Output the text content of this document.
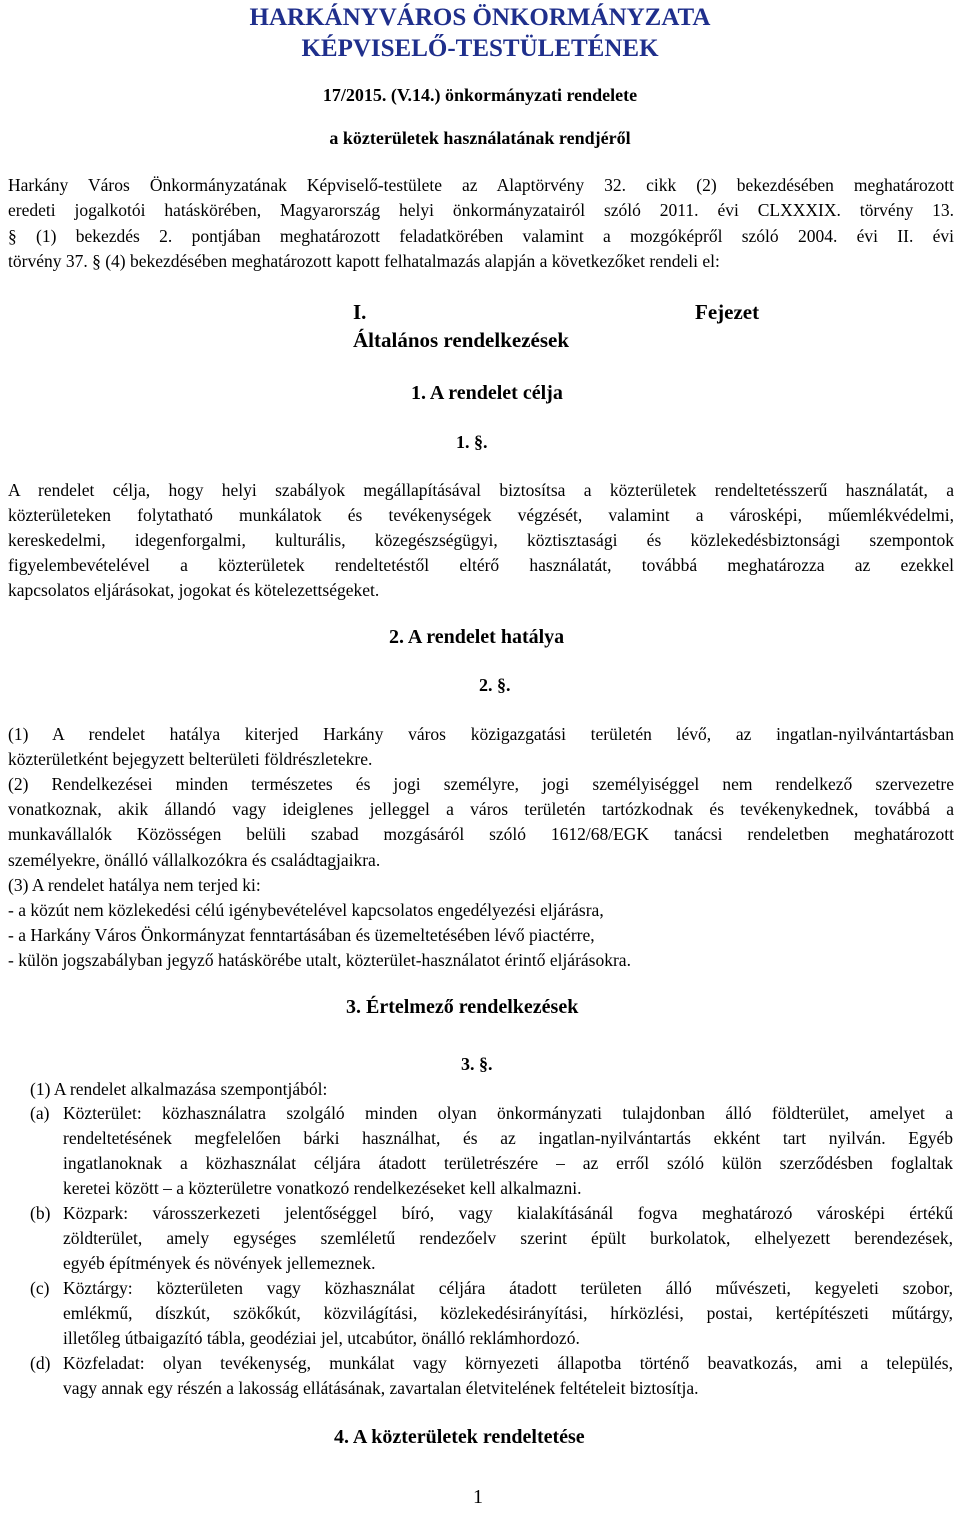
HARKÁNYVÁROS ÖNKORMÁNYZATA
KÉPVISELŐ-TESTÜLETÉNEK
17/2015. (V.14.) önkormányzati rendelete
a közterületek használatának rendjéről
Harkány Város Önkormányzatának Képviselő-testülete az Alaptörvény 32. cikk (2) bekezdésében meghatározott
eredeti jogalkotói hatáskörében, Magyarország helyi önkormányzatairól szóló 2011. évi CLXXXIX. törvény 13.
§ (1) bekezdés 2. pontjában meghatározott feladatkörében valamint a mozgóképről szóló 2004. évi II. évi
törvény 37. § (4) bekezdésében meghatározott kapott felhatalmazás alapján a következőket rendeli el:
I.	Fejezet
Általános rendelkezések
1. A rendelet célja
1. §.
A rendelet célja, hogy helyi szabályok megállapításával biztosítsa a közterületek rendeltetésszerű használatát, a
közterületeken folytatható munkálatok és tevékenységek végzését, valamint a városképi, műemlékvédelmi,
kereskedelmi, idegenforgalmi, kulturális, közegészségügyi, köztisztasági és közlekedésbiztonsági szempontok
figyelembevételével a közterületek rendeltetéstől eltérő használatát, továbbá meghatározza az ezekkel
kapcsolatos eljárásokat, jogokat és kötelezettségeket.
2. A rendelet hatálya
2. §.
(1) A rendelet hatálya kiterjed Harkány város közigazgatási területén lévő, az ingatlan-nyilvántartásban
közterületként bejegyzett belterületi földrészletekre.
(2) Rendelkezései minden természetes és jogi személyre, jogi személyiséggel nem rendelkező szervezetre
vonatkoznak, akik állandó vagy ideiglenes jelleggel a város területén tartózkodnak és tevékenykednek, továbbá a
munkavállalók Közösségen belüli szabad mozgásáról szóló 1612/68/EGK tanácsi rendeletben meghatározott
személyekre, önálló vállalkozókra és családtagjaikra.
(3) A rendelet hatálya nem terjed ki:
- a közút nem közlekedési célú igénybevételével kapcsolatos engedélyezési eljárásra,
- a Harkány Város Önkormányzat fenntartásában és üzemeltetésében lévő piactérre,
- külön jogszabályban jegyző hatáskörébe utalt, közterület-használatot érintő eljárásokra.
3. Értelmező rendelkezések
3. §.
(1) A rendelet alkalmazása szempontjából:
(a) Közterület: közhasználatra szolgáló minden olyan önkormányzati tulajdonban álló földterület, amelyet a
rendeltetésének megfelelően bárki használhat, és az ingatlan-nyilvántartás ekként tart nyilván. Egyéb
ingatlanoknak a közhasználat céljára átadott területrészére – az erről szóló külön szerződésben foglaltak
keretei között – a közterületre vonatkozó rendelkezéseket kell alkalmazni.
(b) Közpark: városszerkezeti jelentőséggel bíró, vagy kialakításánál fogva meghatározó városképi értékű
zöldterület, amely egységes szemléletű rendezőelv szerint épült burkolatok, elhelyezett berendezések,
egyéb építmények és növények jellemeznek.
(c) Köztárgy: közterületen vagy közhasználat céljára átadott területen álló művészeti, kegyeleti szobor,
emlékmű, díszkút, szökőkút, közvilágítási, közlekedésirányítási, hírközlési, postai, kertépítészeti műtárgy,
illetőleg útbaigazító tábla, geodéziai jel, utcabútor, önálló reklámhordozó.
(d) Közfeladat: olyan tevékenység, munkálat vagy környezeti állapotba történő beavatkozás, ami a település,
vagy annak egy részén a lakosság ellátásának, zavartalan életvitelének feltételeit biztosítja.
4. A közterületek rendeltetése
1
